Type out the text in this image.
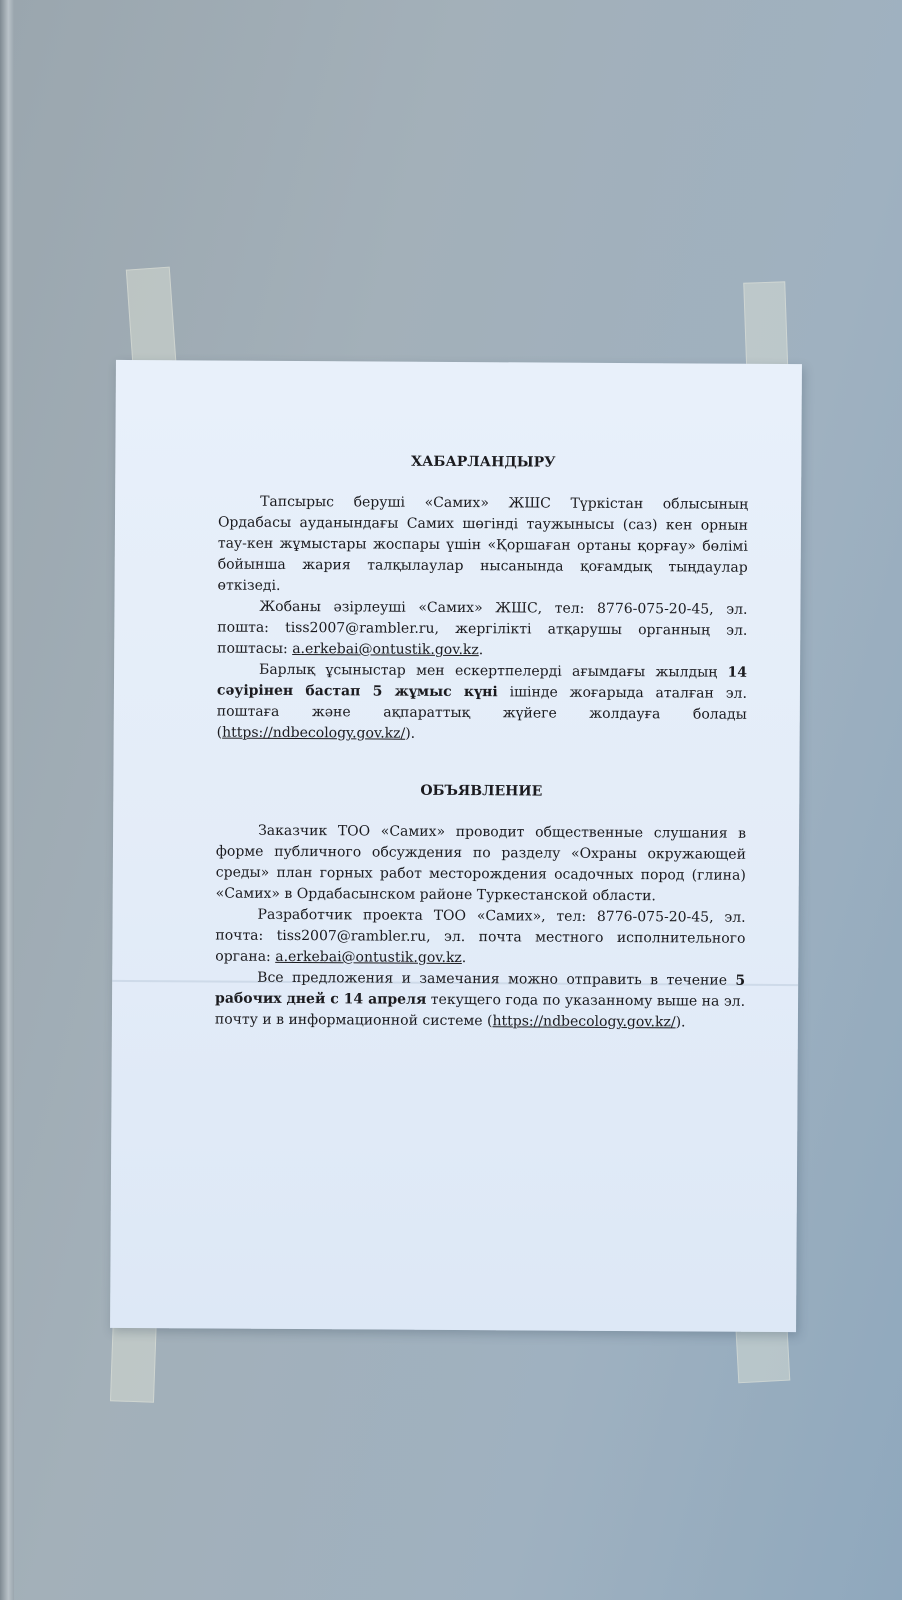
ХАБАРЛАНДЫРУ

Тапсырыс беруші «Самих» ЖШС Түркістан облысының Ордабасы ауданындағы Самих шөгінді таужынысы (саз) кен орнын тау-кен жұмыстары жоспары үшін «Қоршаған ортаны қорғау» бөлімі бойынша жария талқылаулар нысанында қоғамдық тыңдаулар өткізеді.

Жобаны әзірлеуші «Самих» ЖШС, тел: 8776-075-20-45, эл. пошта: tiss2007@rambler.ru, жергілікті атқарушы органның эл. поштасы: a.erkebai@ontustik.gov.kz.

Барлық ұсыныстар мен ескертпелерді ағымдағы жылдың 14 сәуірінен бастап 5 жұмыс күні ішінде жоғарыда аталған эл. поштаға және ақпараттық жүйеге жолдауға болады (https://ndbecology.gov.kz/).

ОБЪЯВЛЕНИЕ

Заказчик ТОО «Самих» проводит общественные слушания в форме публичного обсуждения по разделу «Охраны окружающей среды» план горных работ месторождения осадочных пород (глина) «Самих» в Ордабасынском районе Туркестанской области.

Разработчик проекта ТОО «Самих», тел: 8776-075-20-45, эл. почта: tiss2007@rambler.ru, эл. почта местного исполнительного органа: a.erkebai@ontustik.gov.kz.

Все предложения и замечания можно отправить в течение 5 рабочих дней с 14 апреля текущего года по указанному выше на эл. почту и в информационной системе (https://ndbecology.gov.kz/).
